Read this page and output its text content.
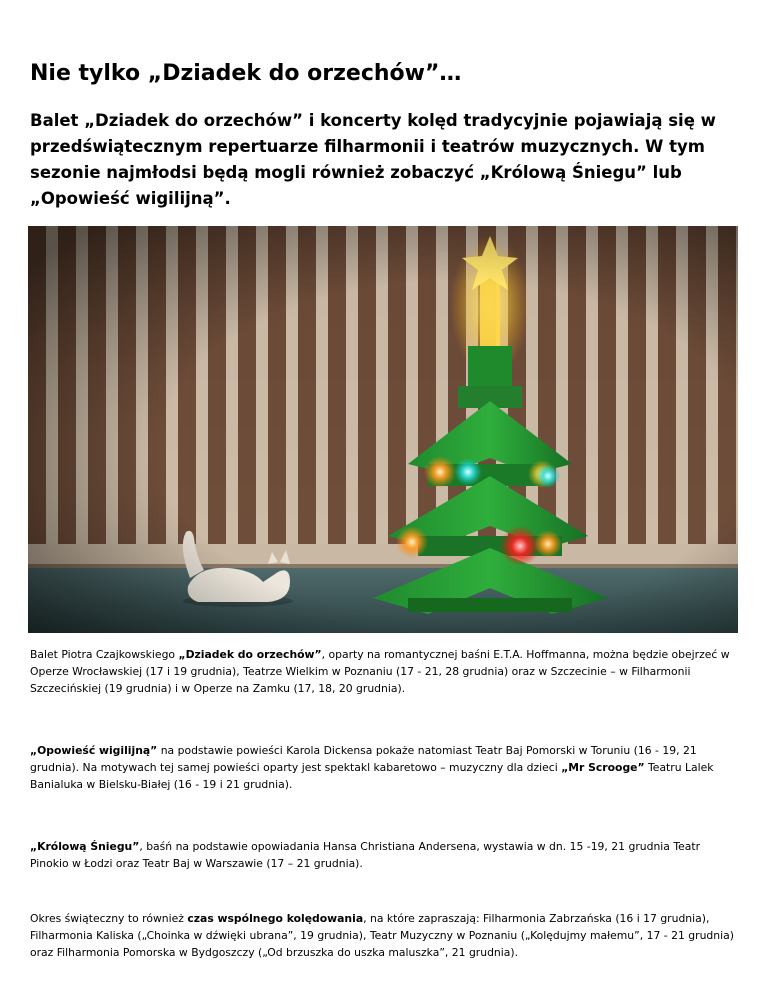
Nie tylko „Dziadek do orzechów”…

Balet „Dziadek do orzechów” i koncerty kolęd tradycyjnie pojawiają się w przedświątecznym repertuarze filharmonii i teatrów muzycznych. W tym sezonie najmłodsi będą mogli również zobaczyć „Królową Śniegu” lub „Opowieść wigilijną”.

Balet Piotra Czajkowskiego „Dziadek do orzechów”, oparty na romantycznej baśni E.T.A. Hoffmanna, można będzie obejrzeć w Operze Wrocławskiej (17 i 19 grudnia), Teatrze Wielkim w Poznaniu (17 - 21, 28 grudnia) oraz w Szczecinie – w Filharmonii Szczecińskiej (19 grudnia) i w Operze na Zamku (17, 18, 20 grudnia).

„Opowieść wigilijną” na podstawie powieści Karola Dickensa pokaże natomiast Teatr Baj Pomorski w Toruniu (16 - 19, 21 grudnia). Na motywach tej samej powieści oparty jest spektakl kabaretowo – muzyczny dla dzieci „Mr Scrooge” Teatru Lalek Banialuka w Bielsku-Białej (16 - 19 i 21 grudnia).

„Królową Śniegu”, baśń na podstawie opowiadania Hansa Christiana Andersena, wystawia w dn. 15 -19, 21 grudnia Teatr Pinokio w Łodzi oraz Teatr Baj w Warszawie (17 – 21 grudnia).

Okres świąteczny to również czas wspólnego kolędowania, na które zapraszają: Filharmonia Zabrzańska (16 i 17 grudnia), Filharmonia Kaliska („Choinka w dźwięki ubrana”, 19 grudnia), Teatr Muzyczny w Poznaniu („Kolędujmy małemu”, 17 - 21 grudnia) oraz Filharmonia Pomorska w Bydgoszczy („Od brzuszka do uszka maluszka”, 21 grudnia).
